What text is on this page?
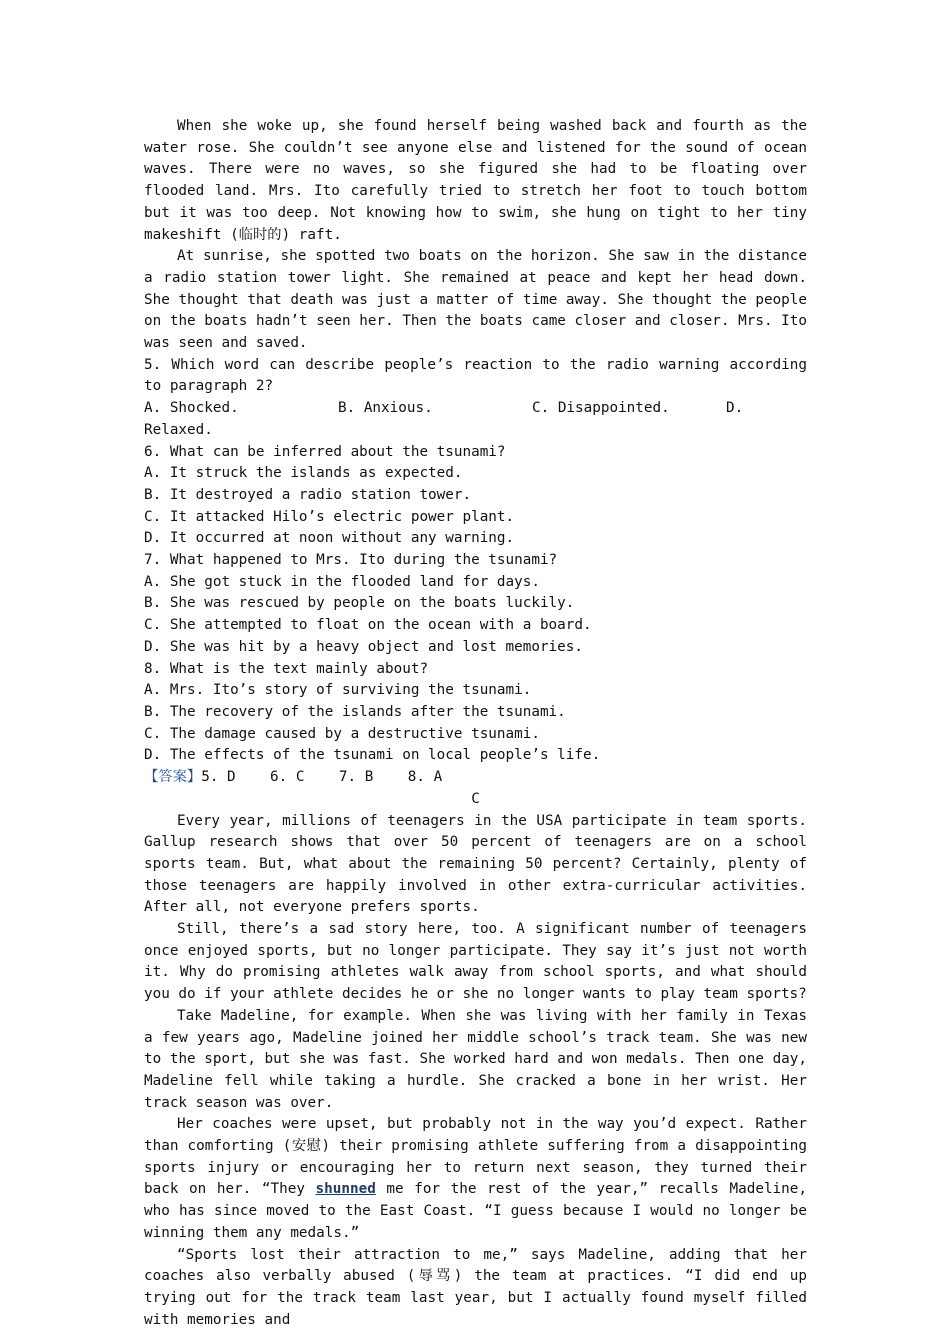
When she woke up, she found herself being washed back and fourth as the water rose. She couldn’t see anyone else and listened for the sound of ocean waves. There were no waves, so she figured she had to be floating over flooded land. Mrs. Ito carefully tried to stretch her foot to touch bottom but it was too deep. Not knowing how to swim, she hung on tight to her tiny makeshift (临时的) raft.

At sunrise, she spotted two boats on the horizon. She saw in the distance a radio station tower light. She remained at peace and kept her head down. She thought that death was just a matter of time away. She thought the people on the boats hadn’t seen her. Then the boats came closer and closer. Mrs. Ito was seen and saved.

5. Which word can describe people’s reaction to the radio warning according to paragraph 2?

A. Shocked.	B. Anxious.	C. Disappointed.	D.

Relaxed.

6. What can be inferred about the tsunami?

A. It struck the islands as expected.

B. It destroyed a radio station tower.

C. It attacked Hilo’s electric power plant.

D. It occurred at noon without any warning.

7. What happened to Mrs. Ito during the tsunami?

A. She got stuck in the flooded land for days.

B. She was rescued by people on the boats luckily.

C. She attempted to float on the ocean with a board.

D. She was hit by a heavy object and lost memories.

8. What is the text mainly about?

A. Mrs. Ito’s story of surviving the tsunami.

B. The recovery of the islands after the tsunami.

C. The damage caused by a destructive tsunami.

D. The effects of the tsunami on local people’s life.

【答案】5. D    6. C    7. B    8. A

C

Every year, millions of teenagers in the USA participate in team sports. Gallup research shows that over 50 percent of teenagers are on a school sports team. But, what about the remaining 50 percent? Certainly, plenty of those teenagers are happily involved in other extra-curricular activities. After all, not everyone prefers sports.

Still, there’s a sad story here, too. A significant number of teenagers once enjoyed sports, but no longer participate. They say it’s just not worth it. Why do promising athletes walk away from school sports, and what should you do if your athlete decides he or she no longer wants to play team sports?

Take Madeline, for example. When she was living with her family in Texas a few years ago, Madeline joined her middle school’s track team. She was new to the sport, but she was fast. She worked hard and won medals. Then one day, Madeline fell while taking a hurdle. She cracked a bone in her wrist. Her track season was over.

Her coaches were upset, but probably not in the way you’d expect. Rather than comforting (安慰) their promising athlete suffering from a disappointing sports injury or encouraging her to return next season, they turned their back on her. “They shunned me for the rest of the year,” recalls Madeline, who has since moved to the East Coast. “I guess because I would no longer be winning them any medals.”

“Sports lost their attraction to me,” says Madeline, adding that her coaches also verbally abused (辱骂) the team at practices. “I did end up trying out for the track team last year, but I actually found myself filled with memories and
